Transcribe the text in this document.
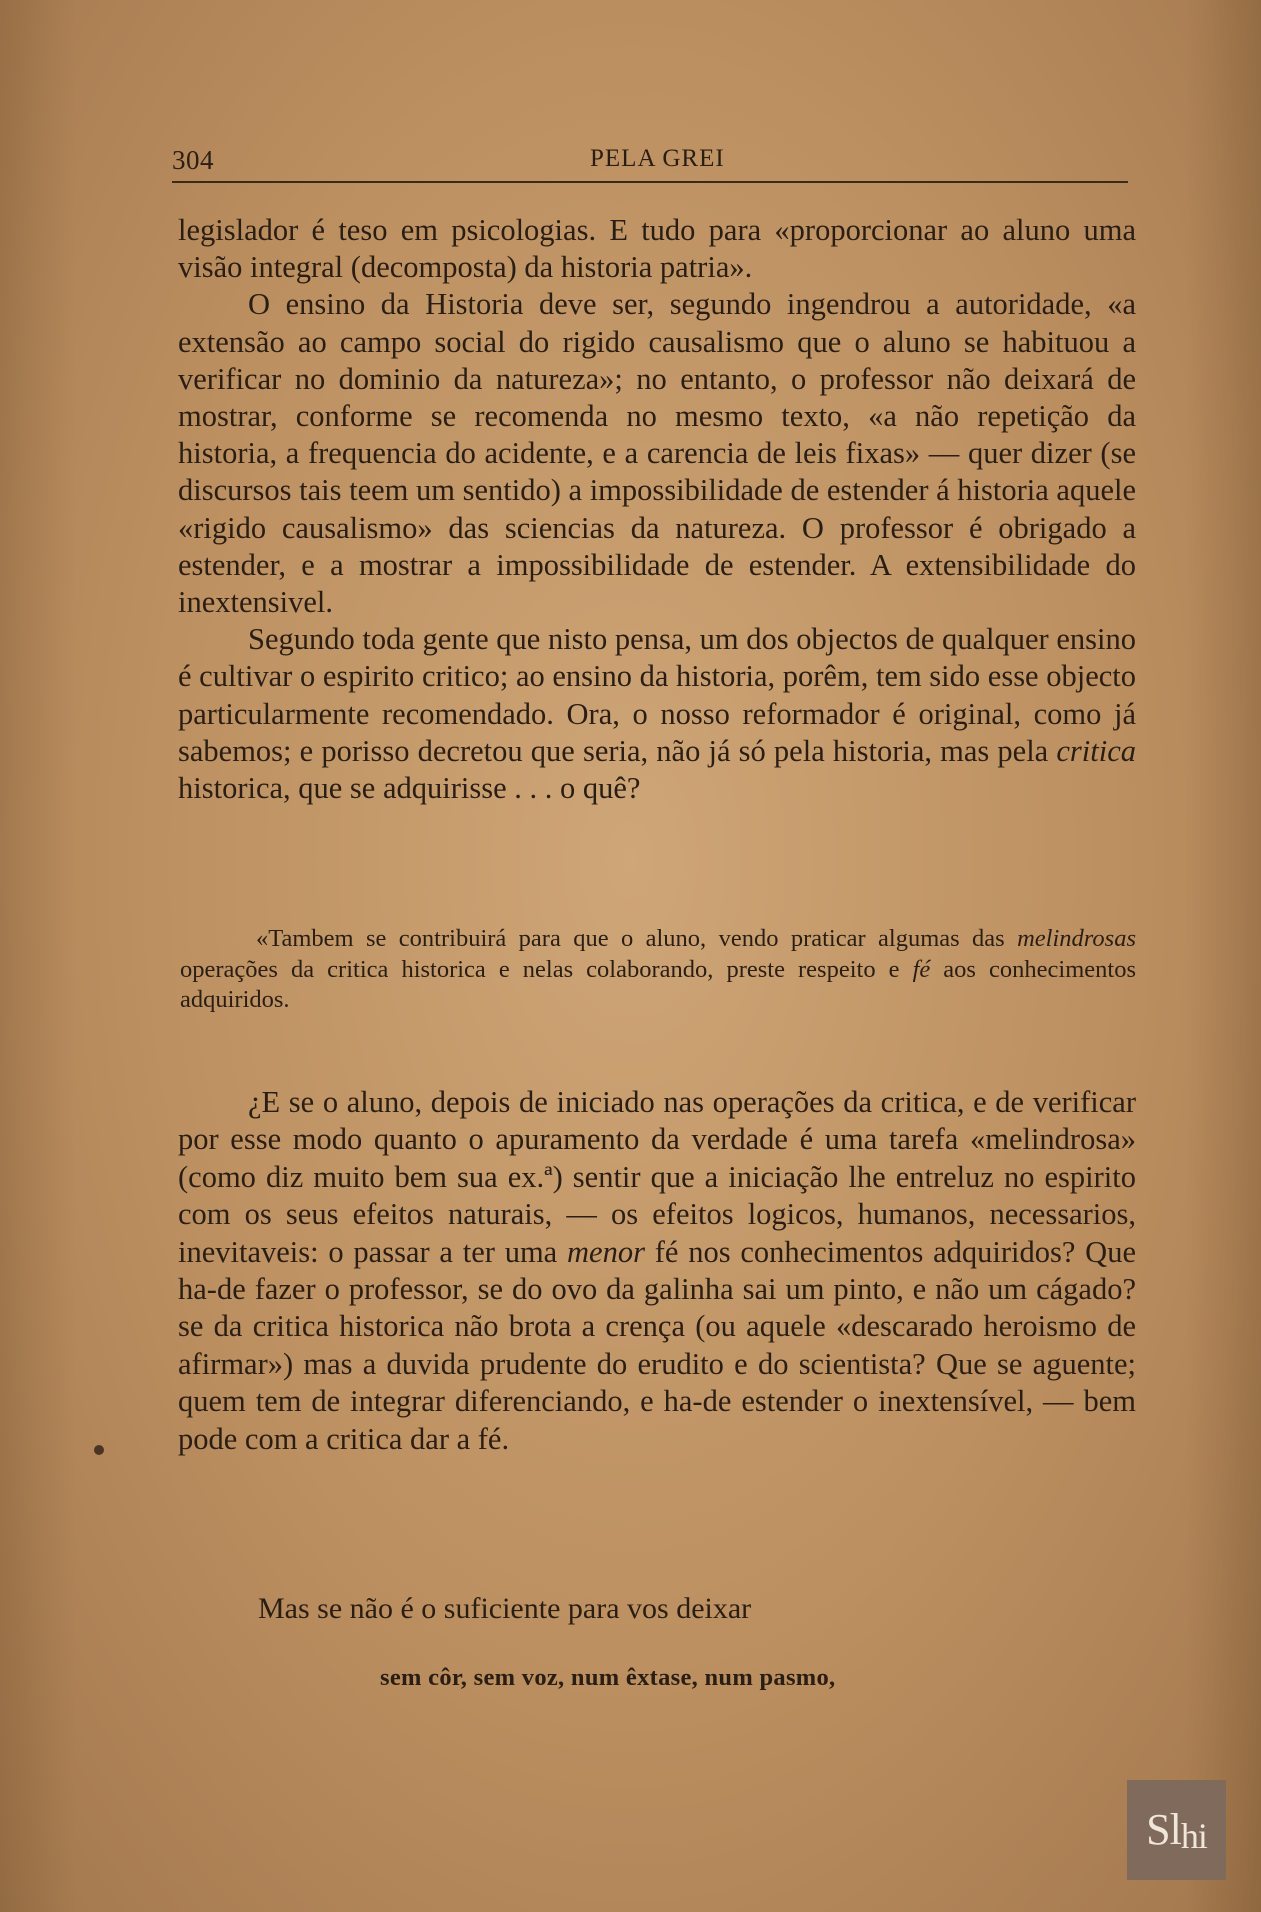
304	PELA GREI

legislador é teso em psicologias. E tudo para «proporcionar ao aluno uma visão integral (decomposta) da historia patria».

O ensino da Historia deve ser, segundo ingendrou a autoridade, «a extensão ao campo social do rigido causalismo que o aluno se habituou a verificar no dominio da natureza»; no entanto, o professor não deixará de mostrar, conforme se recomenda no mesmo texto, «a não repetição da historia, a frequencia do acidente, e a carencia de leis fixas» — quer dizer (se discursos tais teem um sentido) a impossibilidade de estender á historia aquele «rigido causalismo» das sciencias da natureza. O professor é obrigado a estender, e a mostrar a impossibilidade de estender. A extensibilidade do inextensivel.

Segundo toda gente que nisto pensa, um dos objectos de qualquer ensino é cultivar o espirito critico; ao ensino da historia, porêm, tem sido esse objecto particularmente recomendado. Ora, o nosso reformador é original, como já sabemos; e porisso decretou que seria, não já só pela historia, mas pela critica historica, que se adquirisse . . . o quê?

«Tambem se contribuirá para que o aluno, vendo praticar algumas das melindrosas operações da critica historica e nelas colaborando, preste respeito e fé aos conhecimentos adquiridos.

¿E se o aluno, depois de iniciado nas operações da critica, e de verificar por esse modo quanto o apuramento da verdade é uma tarefa «melindrosa» (como diz muito bem sua ex.ª) sentir que a iniciação lhe entreluz no espirito com os seus efeitos naturais, — os efeitos logicos, humanos, necessarios, inevitaveis: o passar a ter uma menor fé nos conhecimentos adquiridos? Que ha-de fazer o professor, se do ovo da galinha sai um pinto, e não um cágado? se da critica historica não brota a crença (ou aquele «descarado heroismo de afirmar») mas a duvida prudente do erudito e do scientista? Que se aguente; quem tem de integrar diferenciando, e ha-de estender o inextensível, — bem pode com a critica dar a fé.

Mas se não é o suficiente para vos deixar
sem côr, sem voz, num êxtase, num pasmo,
Slhi
